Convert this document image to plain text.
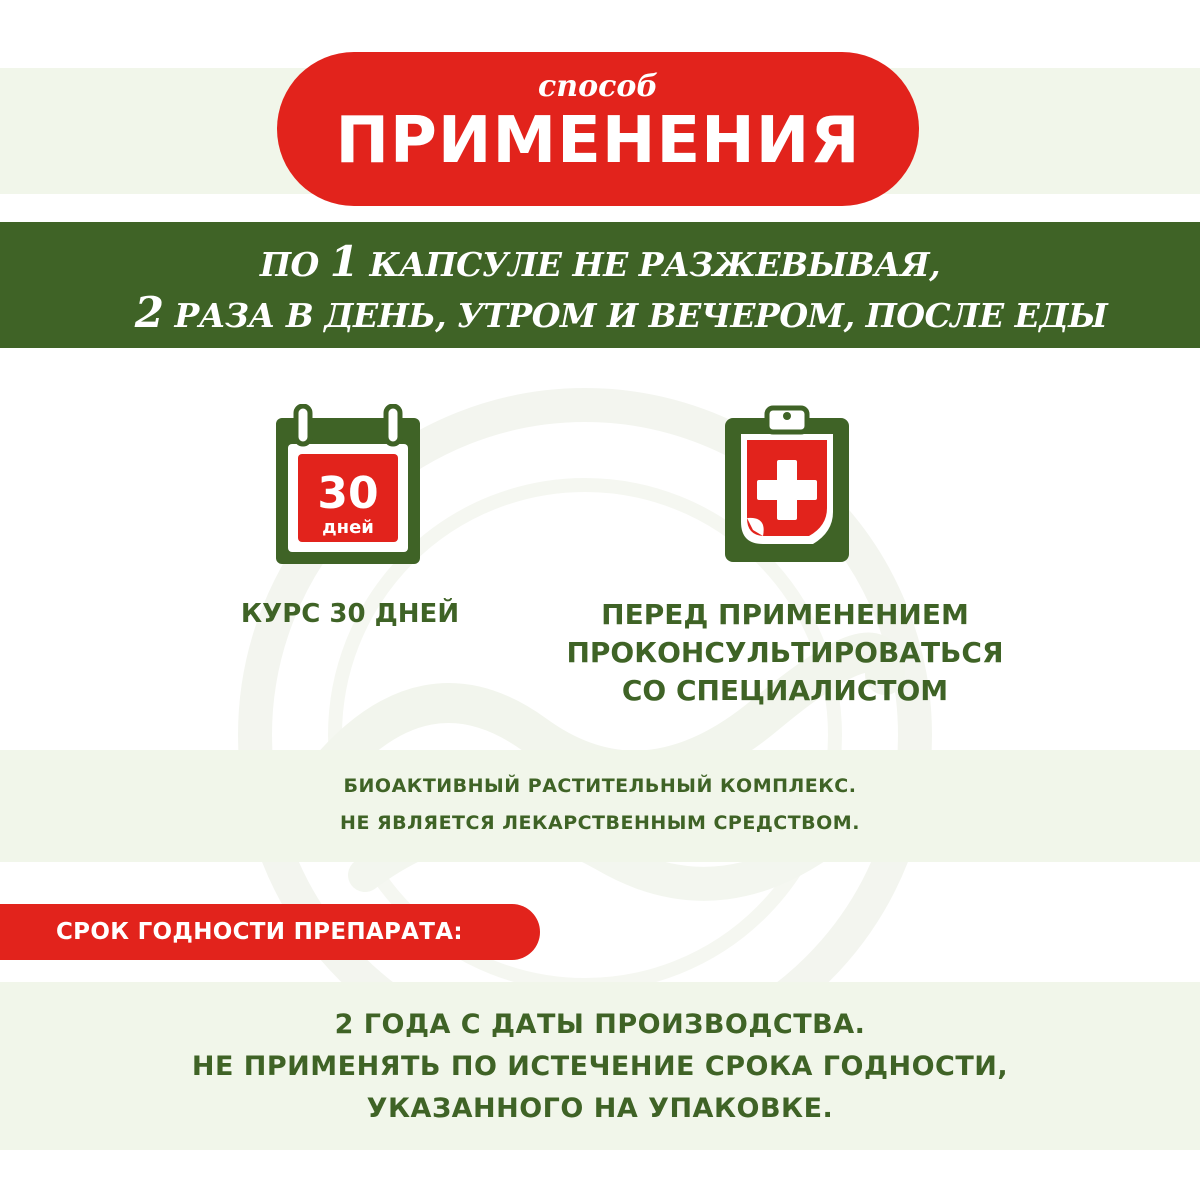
способ
ПРИМЕНЕНИЯ
ПО 1 КАПСУЛЕ НЕ РАЗЖЕВЫВАЯ,
2 РАЗА В ДЕНЬ, УТРОМ И ВЕЧЕРОМ, ПОСЛЕ ЕДЫ
30
дней
КУРС 30 ДНЕЙ	ПЕРЕД ПРИМЕНЕНИЕМ
ПРОКОНСУЛЬТИРОВАТЬСЯ
СО СПЕЦИАЛИСТОМ
БИОАКТИВНЫЙ РАСТИТЕЛЬНЫЙ КОМПЛЕКС.
НЕ ЯВЛЯЕТСЯ ЛЕКАРСТВЕННЫМ СРЕДСТВОМ.
СРОК ГОДНОСТИ ПРЕПАРАТА:
2 ГОДА С ДАТЫ ПРОИЗВОДСТВА.
НЕ ПРИМЕНЯТЬ ПО ИСТЕЧЕНИЕ СРОКА ГОДНОСТИ,
УКАЗАННОГО НА УПАКОВКЕ.
